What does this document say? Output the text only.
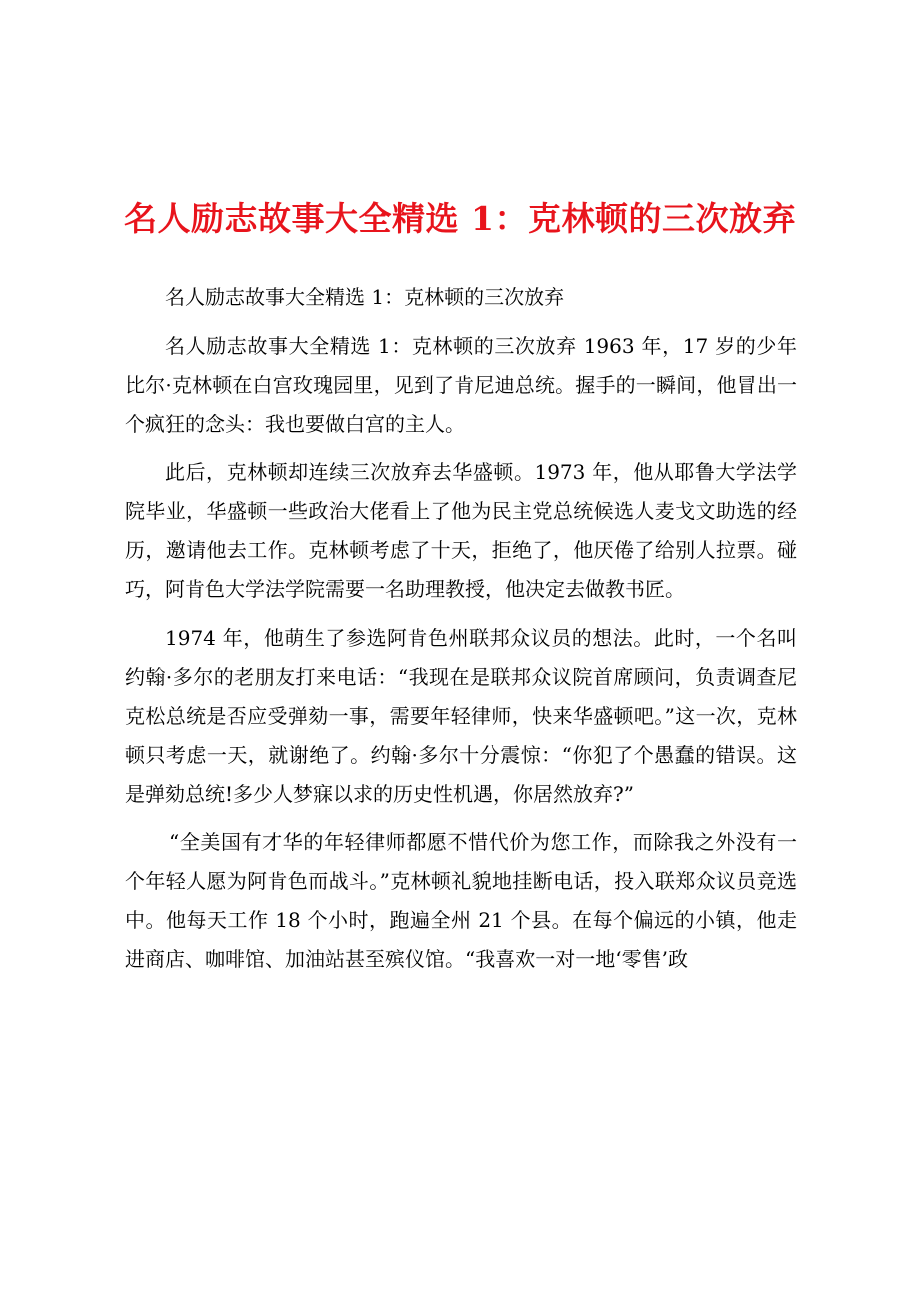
名人励志故事大全精选 1：克林顿的三次放弃

名人励志故事大全精选 1：克林顿的三次放弃

名人励志故事大全精选 1：克林顿的三次放弃 1963 年，17 岁的少年比尔·克林顿在白宫玫瑰园里，见到了肯尼迪总统。握手的一瞬间，他冒出一个疯狂的念头：我也要做白宫的主人。

此后，克林顿却连续三次放弃去华盛顿。1973 年，他从耶鲁大学法学院毕业，华盛顿一些政治大佬看上了他为民主党总统候选人麦戈文助选的经历，邀请他去工作。克林顿考虑了十天，拒绝了，他厌倦了给别人拉票。碰巧，阿肯色大学法学院需要一名助理教授，他决定去做教书匠。

1974 年，他萌生了参选阿肯色州联邦众议员的想法。此时，一个名叫约翰·多尔的老朋友打来电话：“我现在是联邦众议院首席顾问，负责调查尼克松总统是否应受弹劾一事，需要年轻律师，快来华盛顿吧。”这一次，克林顿只考虑一天，就谢绝了。约翰·多尔十分震惊：“你犯了个愚蠢的错误。这是弹劾总统!多少人梦寐以求的历史性机遇，你居然放弃?”

“全美国有才华的年轻律师都愿不惜代价为您工作，而除我之外没有一个年轻人愿为阿肯色而战斗。”克林顿礼貌地挂断电话，投入联郑众议员竞选中。他每天工作 18 个小时，跑遍全州 21 个县。在每个偏远的小镇，他走进商店、咖啡馆、加油站甚至殡仪馆。“我喜欢一对一地‘零售’政
